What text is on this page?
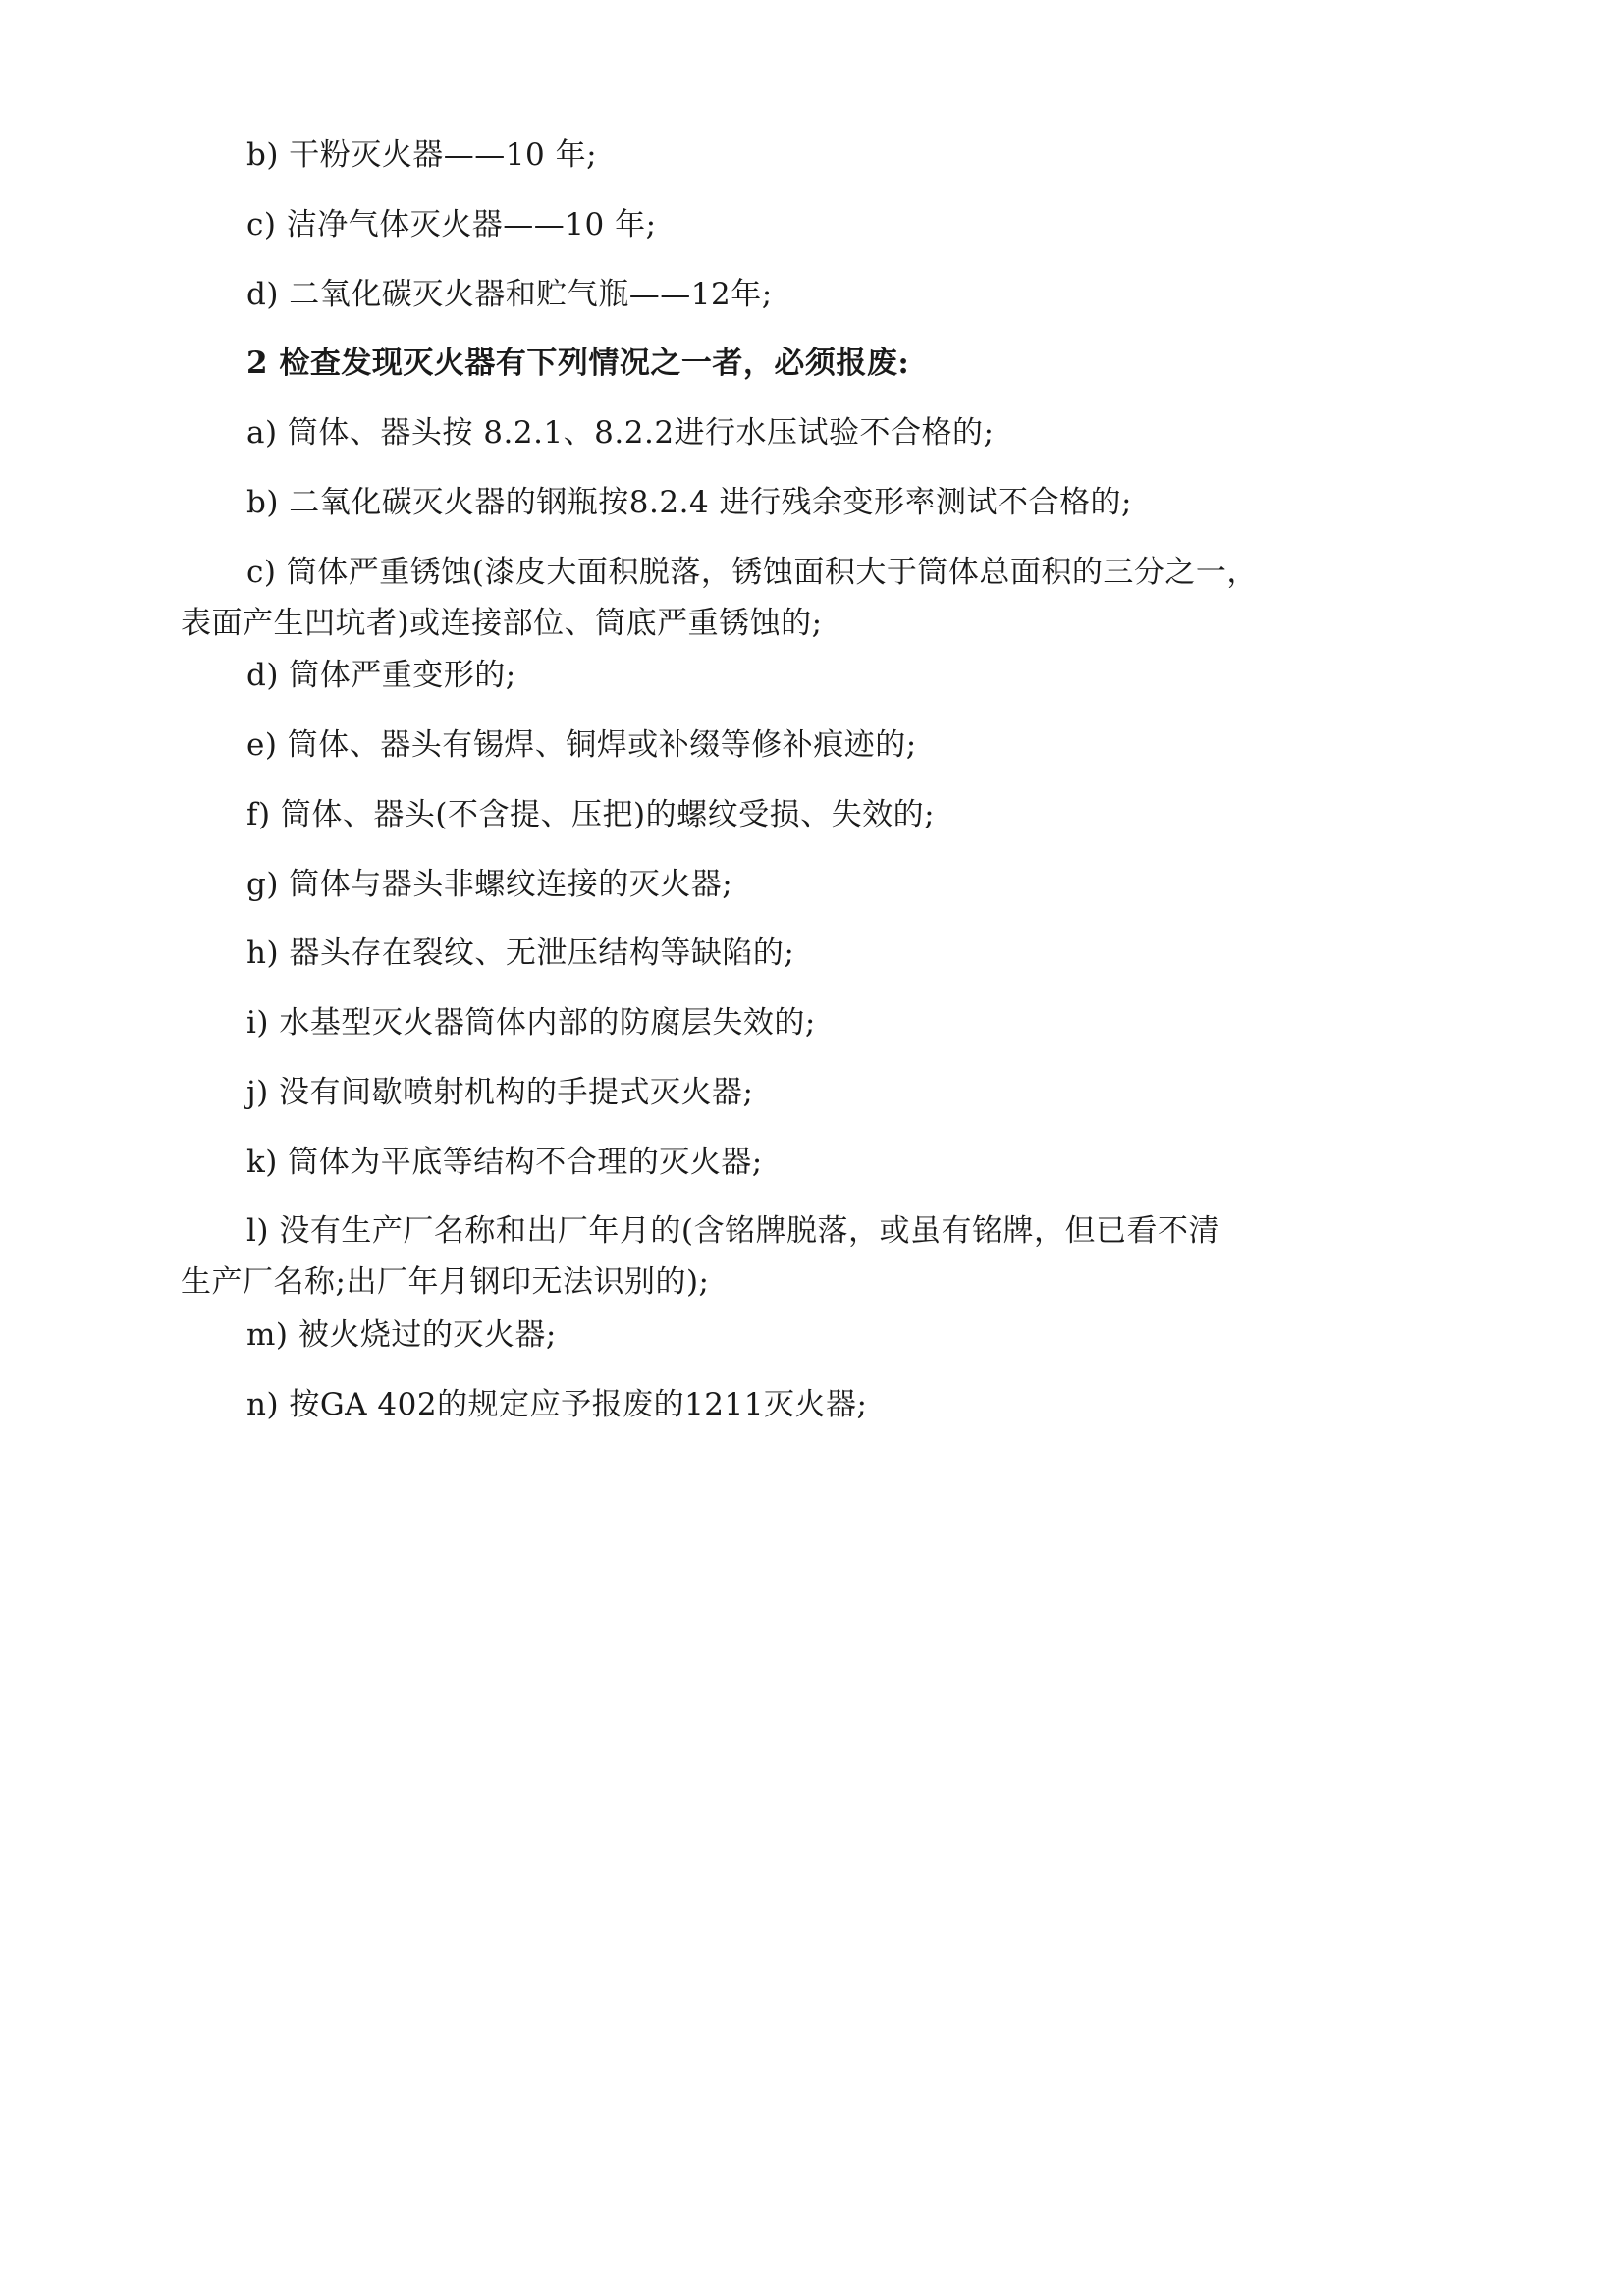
b) 干粉灭火器——10 年;
c) 洁净气体灭火器——10 年;
d) 二氧化碳灭火器和贮气瓶——12年;
2 检查发现灭火器有下列情况之一者，必须报废:
a) 筒体、器头按 8.2.1、8.2.2进行水压试验不合格的;
b) 二氧化碳灭火器的钢瓶按8.2.4 进行残余变形率测试不合格的;
c) 筒体严重锈蚀(漆皮大面积脱落，锈蚀面积大于筒体总面积的三分之一，
表面产生凹坑者)或连接部位、筒底严重锈蚀的;
d) 筒体严重变形的;
e) 筒体、器头有锡焊、铜焊或补缀等修补痕迹的;
f) 筒体、器头(不含提、压把)的螺纹受损、失效的;
g) 筒体与器头非螺纹连接的灭火器;
h) 器头存在裂纹、无泄压结构等缺陷的;
i) 水基型灭火器筒体内部的防腐层失效的;
j) 没有间歇喷射机构的手提式灭火器;
k) 筒体为平底等结构不合理的灭火器;
l) 没有生产厂名称和出厂年月的(含铭牌脱落，或虽有铭牌，但已看不清
生产厂名称;出厂年月钢印无法识别的);
m) 被火烧过的灭火器;
n) 按GA 402的规定应予报废的1211灭火器;
